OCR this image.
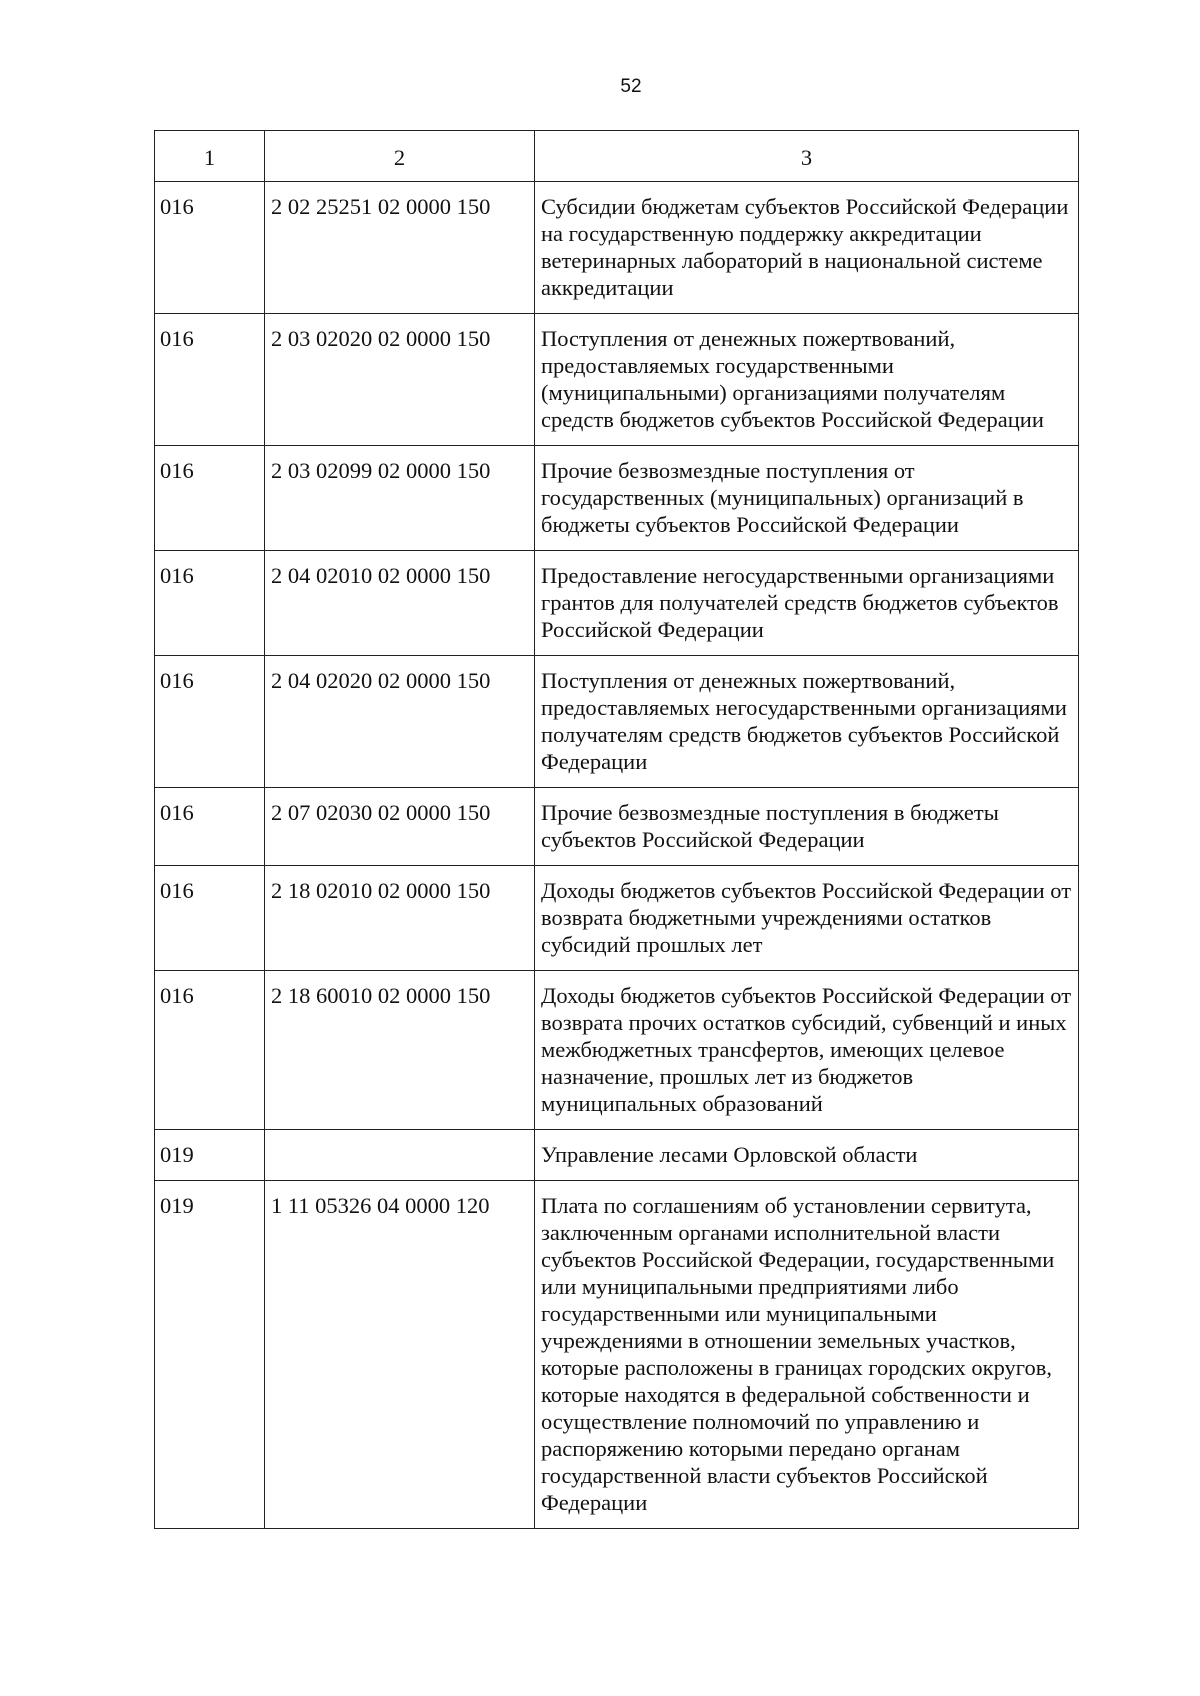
52
1	2	3
016	2 02 25251 02 0000 150	Субсидии бюджетам субъектов Российской Федерации на государственную поддержку аккредитации ветеринарных лабораторий в национальной системе аккредитации
016	2 03 02020 02 0000 150	Поступления от денежных пожертвований, предоставляемых государственными (муниципальными) организациями получателям средств бюджетов субъектов Российской Федерации
016	2 03 02099 02 0000 150	Прочие безвозмездные поступления от государственных (муниципальных) организаций в бюджеты субъектов Российской Федерации
016	2 04 02010 02 0000 150	Предоставление негосударственными организациями грантов для получателей средств бюджетов субъектов Российской Федерации
016	2 04 02020 02 0000 150	Поступления от денежных пожертвований, предоставляемых негосударственными организациями получателям средств бюджетов субъектов Российской Федерации
016	2 07 02030 02 0000 150	Прочие безвозмездные поступления в бюджеты субъектов Российской Федерации
016	2 18 02010 02 0000 150	Доходы бюджетов субъектов Российской Федерации от возврата бюджетными учреждениями остатков субсидий прошлых лет
016	2 18 60010 02 0000 150	Доходы бюджетов субъектов Российской Федерации от возврата прочих остатков субсидий, субвенций и иных межбюджетных трансфертов, имеющих целевое назначение, прошлых лет из бюджетов муниципальных образований
019		Управление лесами Орловской области
019	1 11 05326 04 0000 120	Плата по соглашениям об установлении сервитута, заключенным органами исполнительной власти субъектов Российской Федерации, государственными или муниципальными предприятиями либо государственными или муниципальными учреждениями в отношении земельных участков, которые расположены в границах городских округов, которые находятся в федеральной собственности и осуществление полномочий по управлению и распоряжению которыми передано органам государственной власти субъектов Российской Федерации
